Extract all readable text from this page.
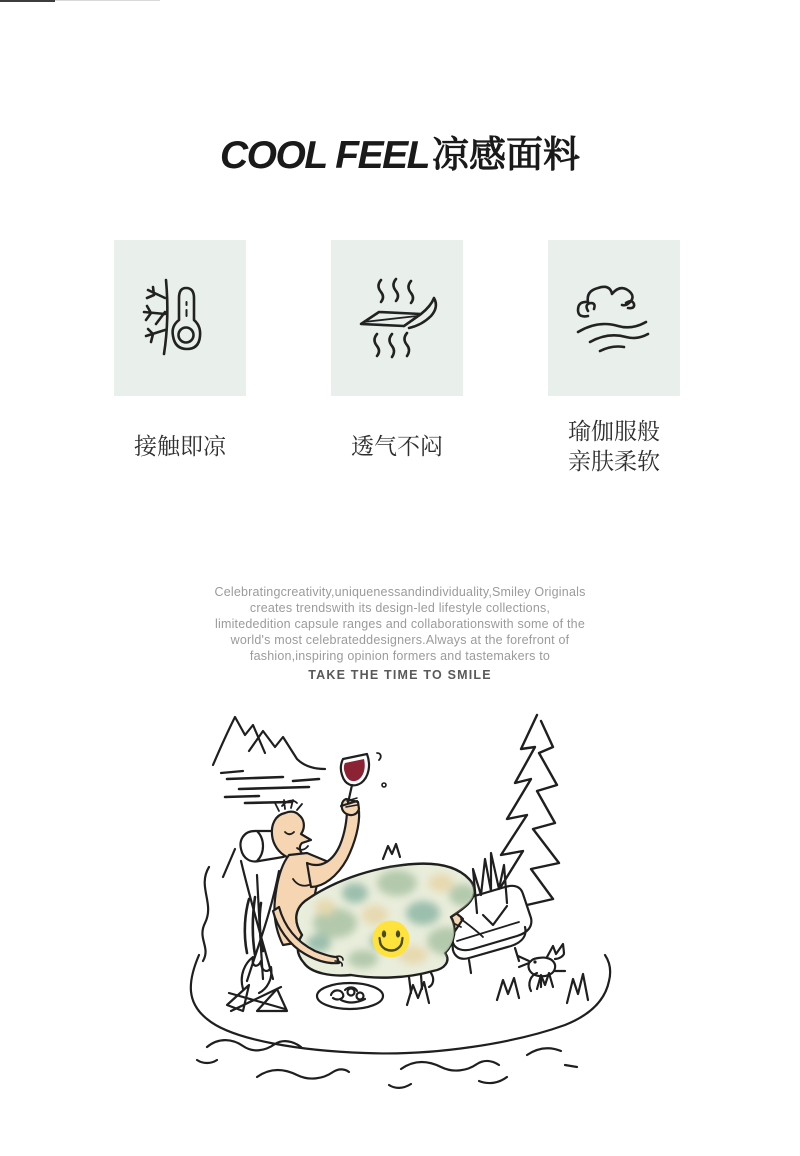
COOL FEEL凉感面料
接触即凉	透气不闷
瑜伽服般
亲肤柔软
Celebratingcreativity,uniquenessandindividuality,Smiley Originals
creates trendswith its design-led lifestyle collections,
limitededition capsule ranges and collaborationswith some of the
world's most celebrateddesigners.Always at the forefront of
fashion,inspiring opinion formers and tastemakers to
TAKE THE TIME TO SMILE
